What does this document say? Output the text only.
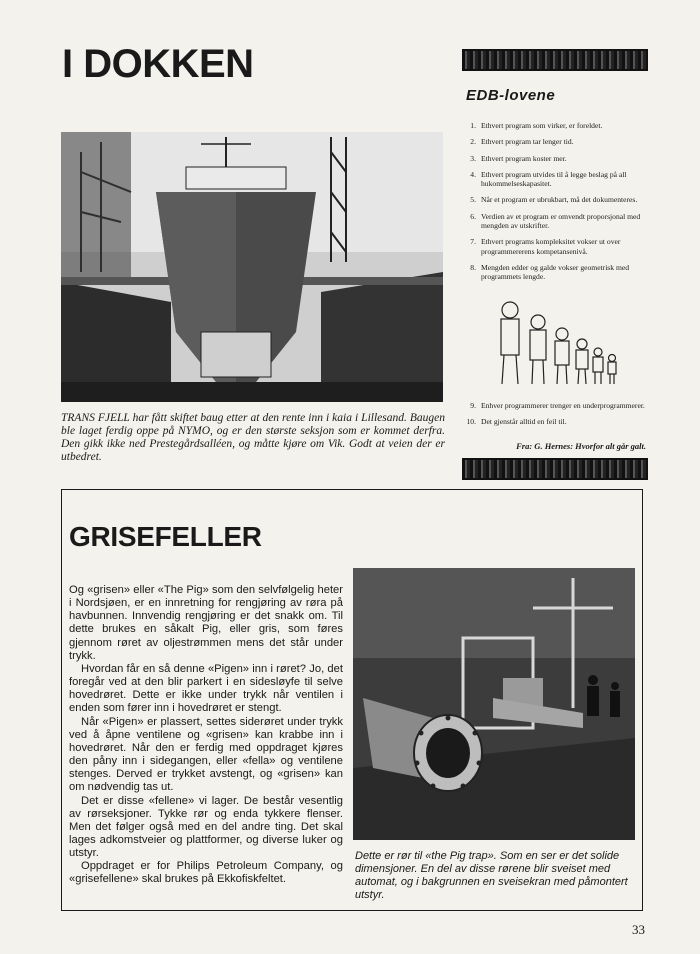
I DOKKEN
TRANS FJELL har fått skiftet baug etter at den rente inn i kaia i Lillesand. Baugen ble laget ferdig oppe på NYMO, og er den største seksjon som er kommet derfra. Den gikk ikke ned Prestegårdsalléen, og måtte kjøre om Vik. Godt at veien der er utbedret.
EDB-lovene
1. Ethvert program som virker, er foreldet.
2. Ethvert program tar lenger tid.
3. Ethvert program koster mer.
4. Ethvert program utvides til å legge beslag på all hukommelseskapasitet.
5. Når et program er ubrukbart, må det dokumenteres.
6. Verdien av et program er omvendt proporsjonal med mengden av utskrifter.
7. Ethvert programs kompleksitet vokser ut over programmererens kompetansenivå.
8. Mengden edder og galde vokser geometrisk med programmets lengde.
9. Enhver programmerer trenger en underprogrammerer.
10. Det gjenstår alltid en feil til.
Fra: G. Hernes: Hvorfor alt går galt.
GRISEFELLER

Og «grisen» eller «The Pig» som den selvfølgelig heter i Nordsjøen, er en innretning for rengjøring av røra på havbunnen. Innvendig rengjøring er det snakk om. Til dette brukes en såkalt Pig, eller gris, som føres gjennom røret av oljestrømmen mens det står under trykk.

Hvordan får en så denne «Pigen» inn i røret? Jo, det foregår ved at den blir parkert i en sidesløyfe til selve hovedrøret. Dette er ikke under trykk når ventilen i enden som fører inn i hovedrøret er stengt.

Når «Pigen» er plassert, settes siderøret under trykk ved å åpne ventilene og «grisen» kan krabbe inn i hovedrøret. Når den er ferdig med oppdraget kjøres den påny inn i sidegangen, eller «fella» og ventilene stenges. Derved er trykket avstengt, og «grisen» kan om nødvendig tas ut.

Det er disse «fellene» vi lager. De består vesentlig av rørseksjoner. Tykke rør og enda tykkere flenser. Men det følger også med en del andre ting. Det skal lages adkomstveier og plattformer, og diverse luker og utstyr.

Oppdraget er for Philips Petroleum Company, og «grisefellene» skal brukes på Ekkofiskfeltet.

Dette er rør til «the Pig trap». Som en ser er det solide dimensjoner. En del av disse rørene blir sveiset med automat, og i bakgrunnen en sveisekran med påmontert utstyr.
33
